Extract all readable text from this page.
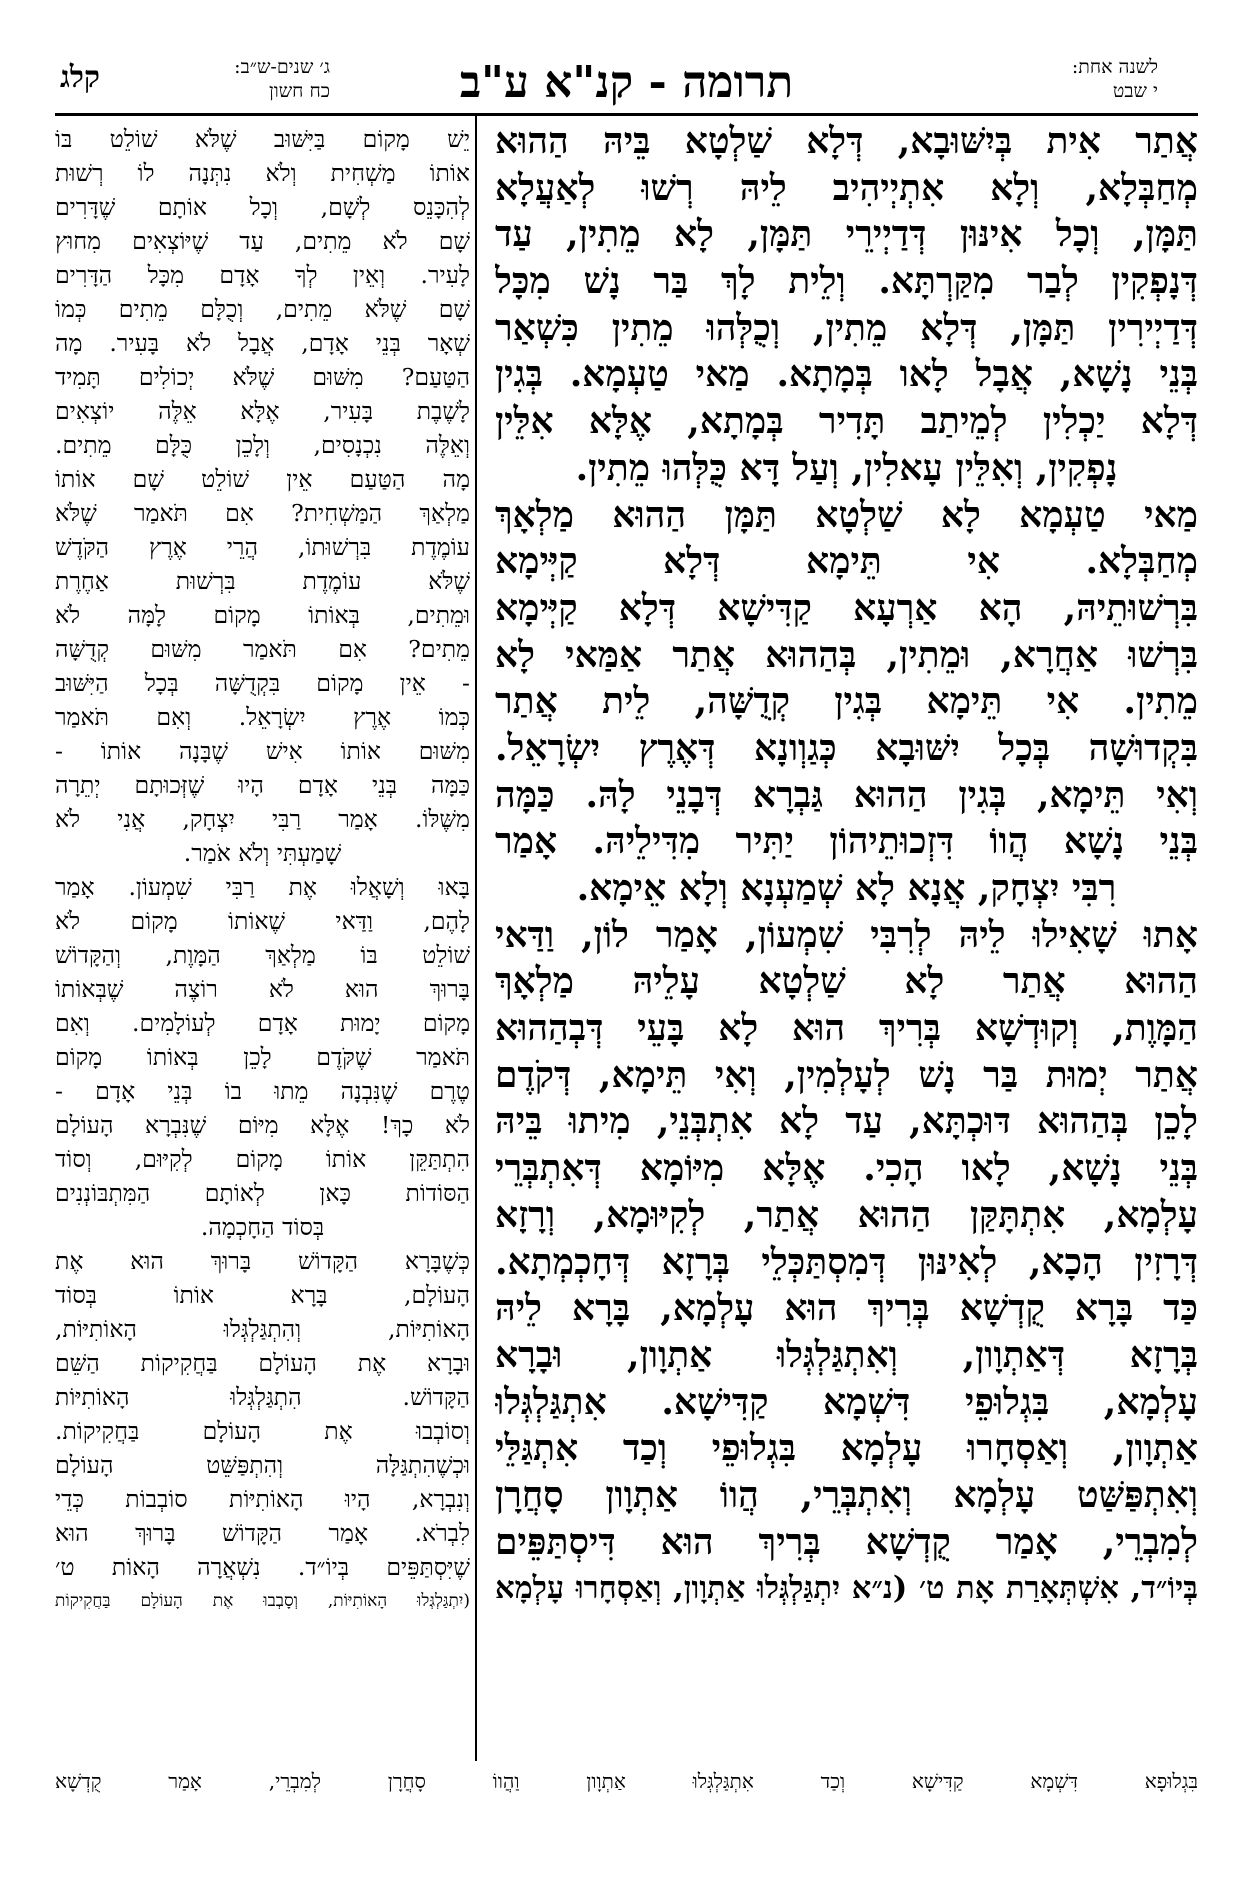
לשנה אחת:
י שבט
תרומה - קנ"א ע"ב
ג׳ שנים-ש״ב:
כח חשון
קלג
אֲתַר אִית בְּיִשּׁוּבָא, דְּלָא שַׁלְטָא בֵּיהּ הַהוּא
מְחַבְּלָא, וְלָא אִתְיְיהִיב לֵיהּ רְשׁוּ לְאַעֲלָא
תַּמָּן, וְכָל אִינּוּן דְּדַיְירֵי תַּמָּן, לָא מֵתִין, עַד
דְּנָפְקִין לְבַר מִקַּרְתָּא. וְלֵית לָךְ בַּר נָשׁ מִכָּל
דְּדַיְירִין תַּמָּן, דְּלָא מֵתִין, וְכֻלְּהוּ מֵתִין כִּשְׁאַר
בְּנֵי נָשָׁא, אֲבָל לָאו בְּמָתָא. מַאי טַעְמָא. בְּגִין
דְּלָא יַכְלִין לְמֵיתַב תָּדִיר בְּמָתָא, אֶלָּא אִלֵּין
נָפְקִין, וְאִלֵּין עָאלִין, וְעַל דָּא כֻּלְּהוּ מֵתִין.
מַאי טַעְמָא לָא שַׁלְטָא תַּמָּן הַהוּא מַלְאָךְ
מְחַבְּלָא. אִי תֵּימָא דְּלָא קַיְּימָא
בִּרְשׁוּתֵיהּ, הָא אַרְעָא קַדִּישָׁא דְּלָא קַיְּימָא
בִּרְשׁוּ אַחֲרָא, וּמֵתִין, בְּהַהוּא אֲתַר אַמַּאי לָא
מֵתִין. אִי תֵּימָא בְּגִין קְדֻשָּׁה, לֵית אֲתַר
בִּקְדוּשָׁה בְּכָל יִשּׁוּבָא כְּגַוְונָא דְּאֶרֶץ יִשְׂרָאֵל.
וְאִי תֵּימָא, בְּגִין הַהוּא גַּבְרָא דְּבָנֵי לָהּ. כַּמָּה
בְּנֵי נָשָׁא הֲווֹ דִּזְכוּתֵיהוֹן יַתִּיר מִדִּילֵיהּ. אָמַר
רִבִּי יִצְחָק, אֲנָא לָא שְׁמַעְנָא וְלָא אֵימָא.
אָתוּ שָׁאִילוּ לֵיהּ לְרִבִּי שִׁמְעוֹן, אָמַר לוֹן, וַדַּאי
הַהוּא אֲתַר לָא שַׁלְטָא עָלֵיהּ מַלְאָךְ
הַמָּוֶת, וְקוּדְשָׁא בְּרִיךְ הוּא לָא בָּעֵי דְּבְהַהוּא
אֲתַר יְמוּת בַּר נָשׁ לְעָלְמִין, וְאִי תֵּימָא, דְּקֹדֶם
לָכֵן בְּהַהוּא דּוּכְתָּא, עַד לָא אִתְבְּנֵי, מִיתוּ בֵּיהּ
בְּנֵי נָשָׁא, לָאו הָכִי. אֶלָּא מִיּוֹמָא דְּאִתְבְּרֵי
עָלְמָא, אִתְתָּקַּן הַהוּא אֲתַר, לְקִיּוּמָא, וְרָזָא
דְּרָזִין הָכָא, לְאִינּוּן דְּמִסְתַּכְּלֵי בְּרָזָא דְּחָכְמְתָא.
כַּד בָּרָא קֻדְשָׁא בְּרִיךְ הוּא עָלְמָא, בָּרָא לֵיהּ
בְּרָזָא דְּאַתְוָון, וְאִתְגַּלְגְּלוּ אַתְוָון, וּבָרָא
עָלְמָא, בִּגְלוּפֵי דִּשְׁמָא קַדִּישָׁא. אִתְגַּלְגְּלוּ
אַתְוָון, וְאַסְחָרוּ עָלְמָא בִּגְלוּפֵי וְכַד אִתְגַּלֵּי
וְאִתְפַּשַּׁט עָלְמָא וְאִתְבְּרֵי, הֲווֹ אַתְוָון סָחֲרָן
לְמִבְרֵי, אָמַר קֻדְשָׁא בְּרִיךְ הוּא דִּיסְתַּפֵּים
בְּיוֹ״ד, אִשְׁתְּאָרַת אָת ט׳ (נ״א יִתְגַּלְגְּלוּ אַתְוָון, וְאַסְחָרוּ עָלְמָא
יֵשׁ מָקוֹם בַּיִּשּׁוּב שֶׁלֹּא שׁוֹלֵט בּוֹ
אוֹתוֹ מַשְׁחִית וְלֹא נִתְּנָה לוֹ רְשׁוּת
לְהִכָּנֵס לְשָׁם, וְכָל אוֹתָם שֶׁדָּרִים
שָׁם לֹא מֵתִים, עַד שֶׁיּוֹצְאִים מִחוּץ
לָעִיר. וְאֵין לְךָ אָדָם מִכָּל הַדָּרִים
שָׁם שֶׁלֹּא מֵתִים, וְכֻלָּם מֵתִים כְּמוֹ
שְׁאָר בְּנֵי אָדָם, אֲבָל לֹא בָּעִיר. מָה
הַטַּעַם? מִשּׁוּם שֶׁלֹּא יְכוֹלִים תָּמִיד
לָשֶׁבֶת בָּעִיר, אֶלָּא אֵלֶּה יוֹצְאִים
וְאֵלֶּה נִכְנָסִים, וְלָכֵן כֻּלָּם מֵתִים.
מָה הַטַּעַם אֵין שׁוֹלֵט שָׁם אוֹתוֹ
מַלְאַךְ הַמַּשְׁחִית? אִם תֹּאמַר שֶׁלֹּא
עוֹמֶדֶת בִּרְשׁוּתוֹ, הֲרֵי אֶרֶץ הַקֹּדֶשׁ
שֶׁלֹּא עוֹמֶדֶת בִּרְשׁוּת אַחֶרֶת
וּמֵתִים, בְּאוֹתוֹ מָקוֹם לָמָּה לֹא
מֵתִים? אִם תֹּאמַר מִשּׁוּם קְדֻשָּׁה
- אֵין מָקוֹם בִּקְדֻשָּׁה בְּכָל הַיִּשּׁוּב
כְּמוֹ אֶרֶץ יִשְׂרָאֵל. וְאִם תֹּאמַר
מִשּׁוּם אוֹתוֹ אִישׁ שֶׁבָּנָה אוֹתוֹ -
כַּמָּה בְּנֵי אָדָם הָיוּ שֶׁזְּכוּתָם יְתֵרָה
מִשֶּׁלּוֹ. אָמַר רַבִּי יִצְחָק, אֲנִי לֹא
שָׁמַעְתִּי וְלֹא אֹמַר.
בָּאוּ וְשָׁאֲלוּ אֶת רַבִּי שִׁמְעוֹן. אָמַר
לָהֶם, וַדַּאי שֶׁאוֹתוֹ מָקוֹם לֹא
שׁוֹלֵט בּוֹ מַלְאַךְ הַמָּוֶת, וְהַקָּדוֹשׁ
בָּרוּךְ הוּא לֹא רוֹצֶה שֶׁבְּאוֹתוֹ
מָקוֹם יָמוּת אָדָם לְעוֹלָמִים. וְאִם
תֹּאמַר שֶׁקֹּדֶם לָכֵן בְּאוֹתוֹ מָקוֹם
טֶרֶם שֶׁנִּבְנָה מֵתוּ בוֹ בְּנֵי אָדָם -
לֹא כָךְ! אֶלָּא מִיּוֹם שֶׁנִּבְרָא הָעוֹלָם
הִתְתַּקֵּן אוֹתוֹ מָקוֹם לְקִיּוּם, וְסוֹד
הַסּוֹדוֹת כָּאן לְאוֹתָם הַמִּתְבּוֹנְנִים
בְּסוֹד הַחָכְמָה.
כְּשֶׁבָּרָא הַקָּדוֹשׁ בָּרוּךְ הוּא אֶת
הָעוֹלָם, בָּרָא אוֹתוֹ בְּסוֹד
הָאוֹתִיּוֹת, וְהִתְגַּלְגְּלוּ הָאוֹתִיּוֹת,
וּבָרָא אֶת הָעוֹלָם בַּחֲקִיקוֹת הַשֵּׁם
הַקָּדוֹשׁ. הִתְגַּלְגְּלוּ הָאוֹתִיּוֹת
וְסוֹבְבוּ אֶת הָעוֹלָם בַּחֲקִיקוֹת.
וּכְשֶׁהִתְגַּלָּה וְהִתְפַּשֵּׁט הָעוֹלָם
וְנִבְרָא, הָיוּ הָאוֹתִיּוֹת סוֹבְבוֹת כְּדֵי
לִבְרֹא. אָמַר הַקָּדוֹשׁ בָּרוּךְ הוּא
שֶׁיִּסְתַּפֵּים בְּיוֹ״ד. נִשְׁאֲרָה הָאוֹת ט׳
(יִתְגַּלְגְּלוּ הָאוֹתִיּוֹת, וְסָבְבוּ אֶת הָעוֹלָם בַּחֲקִיקוֹת
בִּגְלוּפָא דִּשְׁמָא קַדִּישָׁא וְכַד אִתְגַּלְגְּלוּ אַתְוָון וַהֲווֹ סָחֲרָן לְמִבְרֵי, אָמַר קֻדְשָׁא
